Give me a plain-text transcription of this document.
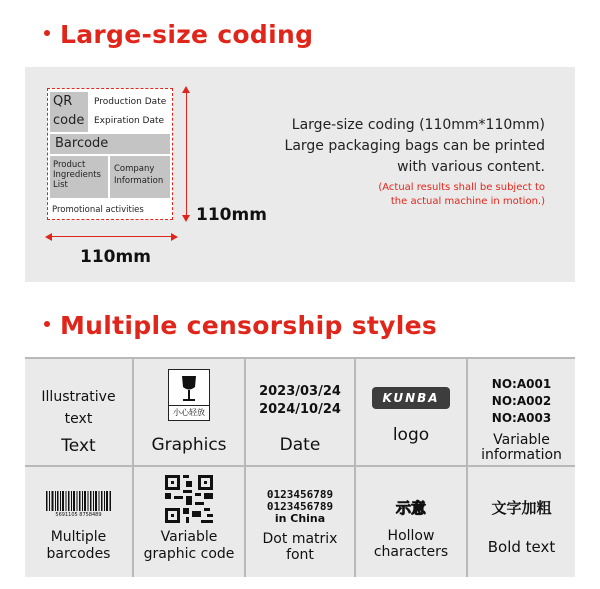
Large-size coding
QR code
Production Date
Expiration Date
Barcode
Product Ingredients List
Company Information
Promotional activities
110mm
110mm
Large-size coding (110mm*110mm)
Large packaging bags can be printed
with various content.
(Actual results shall be subject to
the actual machine in motion.)
Multiple censorship styles
Illustrative text
Text
小心轻放
Graphics
2023/03/24
2024/10/24
Date
KUNBA
logo
NO:A001
NO:A002
NO:A003
Variable information
5691105 8758489
Multiple barcodes
Variable graphic code
0123456789
0123456789
in China
Dot matrix font
示意
Hollow characters
文字加粗
Bold text
